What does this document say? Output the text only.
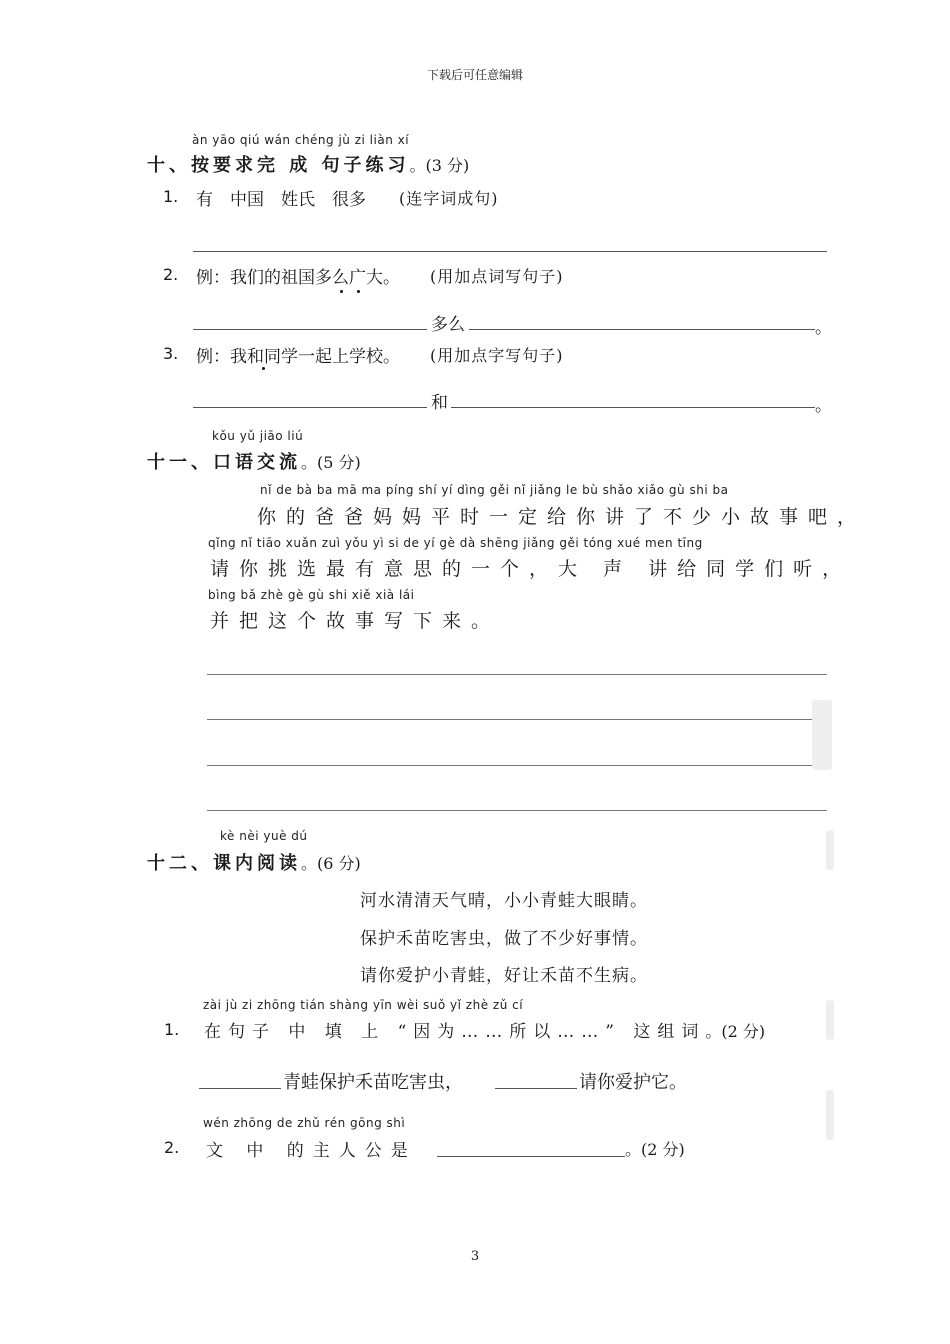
下载后可任意编辑
àn yāo qiú wán chéng jù zi liàn xí
十、按要求完 成 句子练习。(3 分)
1. 有　中国　姓氏　很多 (连字词成句)
2. 例：我们的祖国多么广大。 (用加点词写句子)
多么	。
3. 例：我和同学一起上学校。 (用加点字写句子)
和	。
kǒu yǔ jiāo liú
十一、口语交流。(5 分)
nǐ de bà ba mā ma píng shí yí dìng gěi nǐ jiǎng le bù shǎo xiǎo gù shi ba
你的爸爸妈妈平时一定给你讲了不少小故事吧，
qǐng nǐ tiāo xuǎn zuì yǒu yì si de yí gè dà shēng jiǎng gěi tóng xué men tīng
请你挑选最有意思的一个，大 声 讲给同学们听，
bìng bǎ zhè gè gù shi xiě xià lái
并把这个故事写下来。
kè nèi yuè dú
十二、课内阅读。(6 分)
河水清清天气晴，小小青蛙大眼睛。
保护禾苗吃害虫，做了不少好事情。
请你爱护小青蛙，好让禾苗不生病。
zài jù zi zhōng tián shàng yīn wèi suǒ yǐ zhè zǔ cí
1. 在句子 中 填 上 “因为……所以……” 这组词。(2 分)
青蛙保护禾苗吃害虫，	请你爱护它。
wén zhōng de zhǔ rén gōng shì
2. 文 中 的主人公是	。(2 分)
3
